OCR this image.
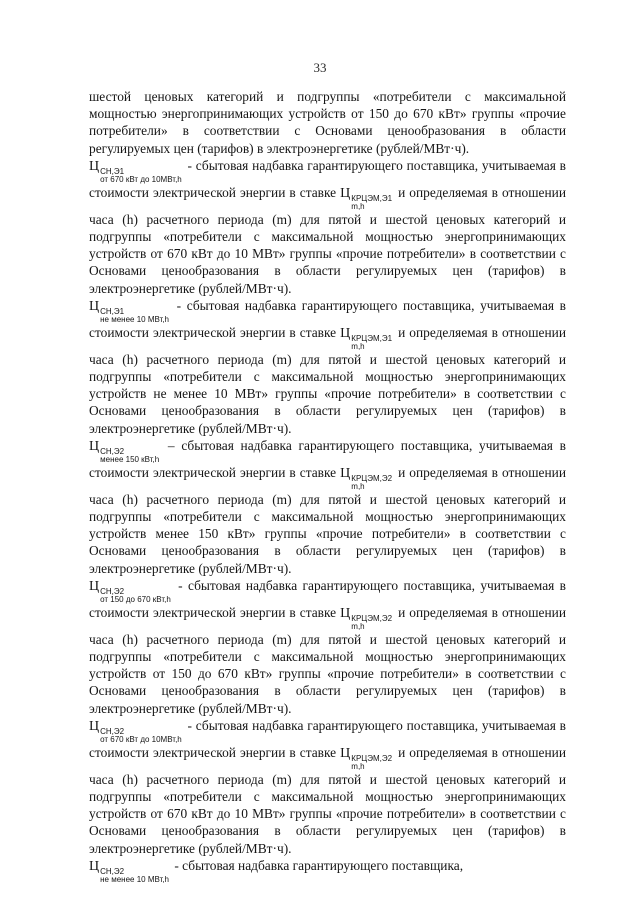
33

шестой ценовых категорий и подгруппы «потребители с максимальной мощностью энергопринимающих устройств от 150 до 670 кВт» группы «прочие потребители» в соответствии с Основами ценообразования в области регулируемых цен (тарифов) в электроэнергетике (рублей/МВт·ч).

Ц СН,Э1
от 670 кВт до 10МВт,h
- сбытовая надбавка гарантирующего поставщика, учитываемая в стоимости электрической энергии в ставке Ц КРЦЭМ,Э1
m,h
и определяемая в отношении часа (h) расчетного периода (m) для пятой и шестой ценовых категорий и подгруппы «потребители с максимальной мощностью энергопринимающих устройств от 670 кВт до 10 МВт» группы «прочие потребители» в соответствии с Основами ценообразования в области регулируемых цен (тарифов) в электроэнергетике (рублей/МВт·ч).

Ц СН,Э1
не менее 10 МВт,h
- сбытовая надбавка гарантирующего поставщика, учитываемая в стоимости электрической энергии в ставке Ц КРЦЭМ,Э1
m,h
и определяемая в отношении часа (h) расчетного периода (m) для пятой и шестой ценовых категорий и подгруппы «потребители с максимальной мощностью энергопринимающих устройств не менее 10 МВт» группы «прочие потребители» в соответствии с Основами ценообразования в области регулируемых цен (тарифов) в электроэнергетике (рублей/МВт·ч).

Ц СН,Э2
менее 150 кВт,h
– сбытовая надбавка гарантирующего поставщика, учитываемая в стоимости электрической энергии в ставке Ц КРЦЭМ,Э2
m,h
и определяемая в отношении часа (h) расчетного периода (m) для пятой и шестой ценовых категорий и подгруппы «потребители с максимальной мощностью энергопринимающих устройств менее 150 кВт» группы «прочие потребители» в соответствии с Основами ценообразования в области регулируемых цен (тарифов) в электроэнергетике (рублей/МВт·ч).

Ц СН,Э2
от 150 до 670 кВт,h
- сбытовая надбавка гарантирующего поставщика, учитываемая в стоимости электрической энергии в ставке Ц КРЦЭМ,Э2
m,h
и определяемая в отношении часа (h) расчетного периода (m) для пятой и шестой ценовых категорий и подгруппы «потребители с максимальной мощностью энергопринимающих устройств от 150 до 670 кВт» группы «прочие потребители» в соответствии с Основами ценообразования в области регулируемых цен (тарифов) в электроэнергетике (рублей/МВт·ч).

Ц СН,Э2
от 670 кВт до 10МВт,h
- сбытовая надбавка гарантирующего поставщика, учитываемая в стоимости электрической энергии в ставке Ц КРЦЭМ,Э2
m,h
и определяемая в отношении часа (h) расчетного периода (m) для пятой и шестой ценовых категорий и подгруппы «потребители с максимальной мощностью энергопринимающих устройств от 670 кВт до 10 МВт» группы «прочие потребители» в соответствии с Основами ценообразования в области регулируемых цен (тарифов) в электроэнергетике (рублей/МВт·ч).

Ц СН,Э2
не менее 10 МВт,h
- сбытовая надбавка гарантирующего поставщика,
